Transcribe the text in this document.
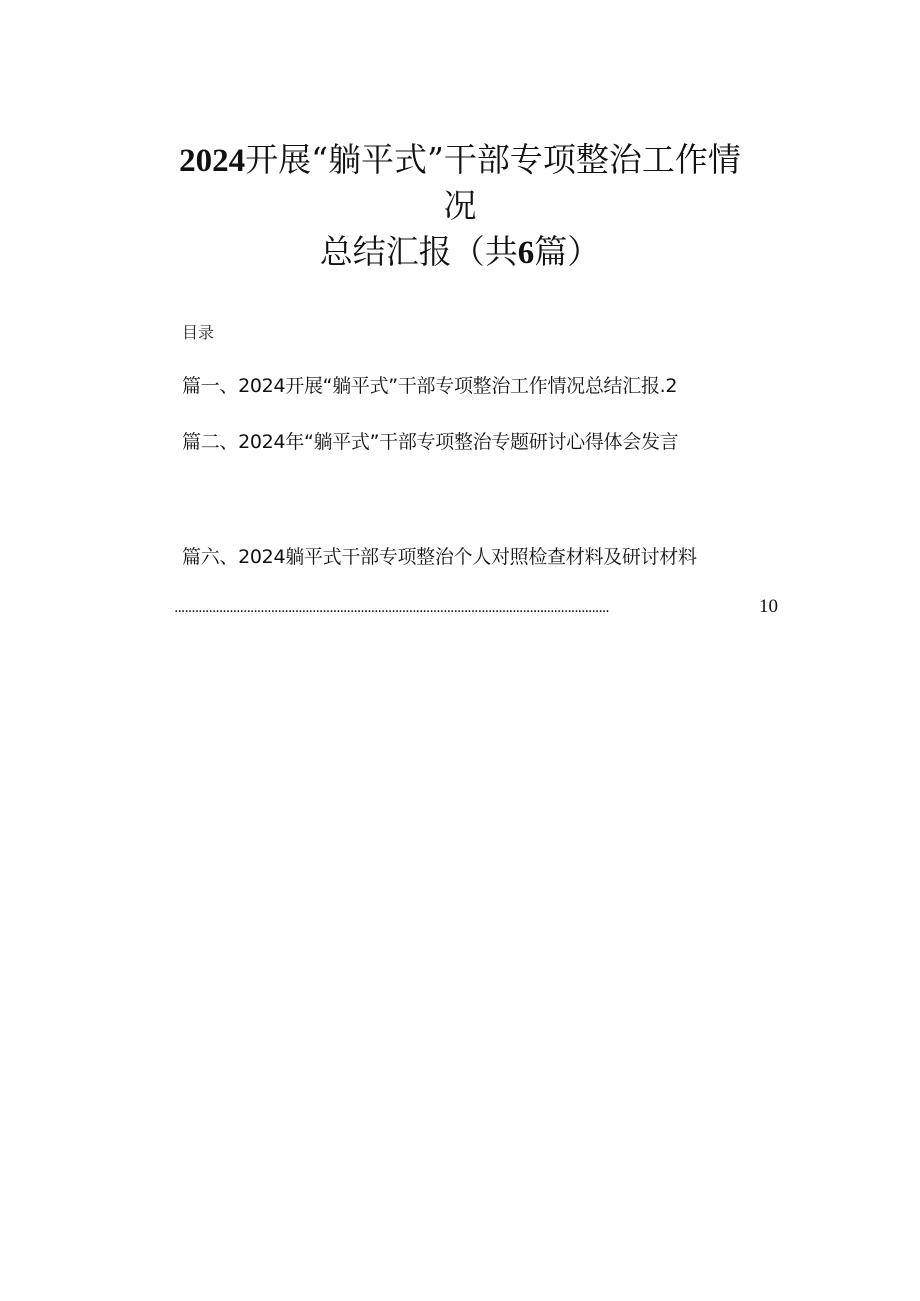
2024开展“躺平式”干部专项整治工作情
况
总结汇报（共6篇）
目录
篇一、2024开展“躺平式”干部专项整治工作情况总结汇报.2
篇二、2024年“躺平式”干部专项整治专题研讨心得体会发言
篇六、2024躺平式干部专项整治个人对照检查材料及研讨材料
..............................................................................................................................	10
